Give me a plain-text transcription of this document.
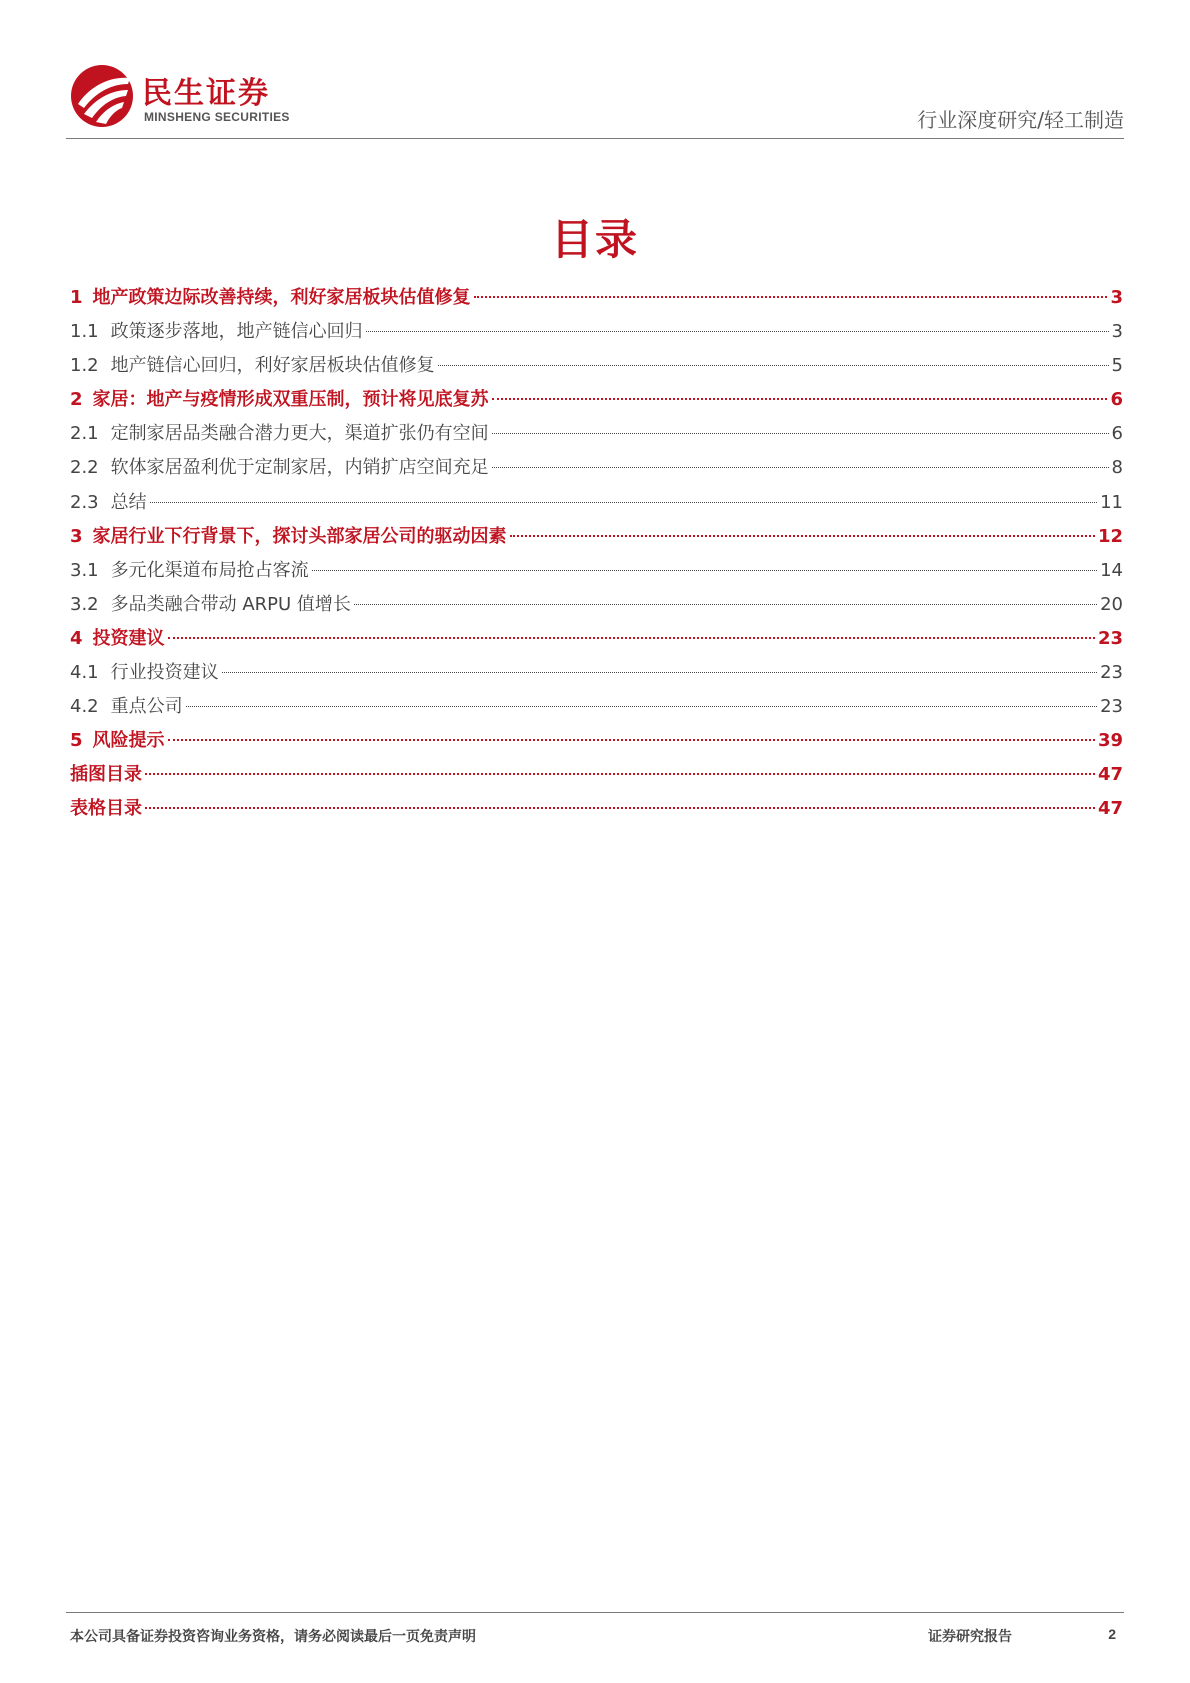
民生证券
MINSHENG SECURITIES	行业深度研究/轻工制造
目录
1 地产政策边际改善持续，利好家居板块估值修复	3
1.1 政策逐步落地，地产链信心回归	3
1.2 地产链信心回归，利好家居板块估值修复	5
2 家居：地产与疫情形成双重压制，预计将见底复苏	6
2.1 定制家居品类融合潜力更大，渠道扩张仍有空间	6
2.2 软体家居盈利优于定制家居，内销扩店空间充足	8
2.3 总结	11
3 家居行业下行背景下，探讨头部家居公司的驱动因素	12
3.1 多元化渠道布局抢占客流	14
3.2 多品类融合带动 ARPU 值增长	20
4 投资建议	23
4.1 行业投资建议	23
4.2 重点公司	23
5 风险提示	39
插图目录	47
表格目录	47
本公司具备证券投资咨询业务资格，请务必阅读最后一页免责声明	证券研究报告	2
